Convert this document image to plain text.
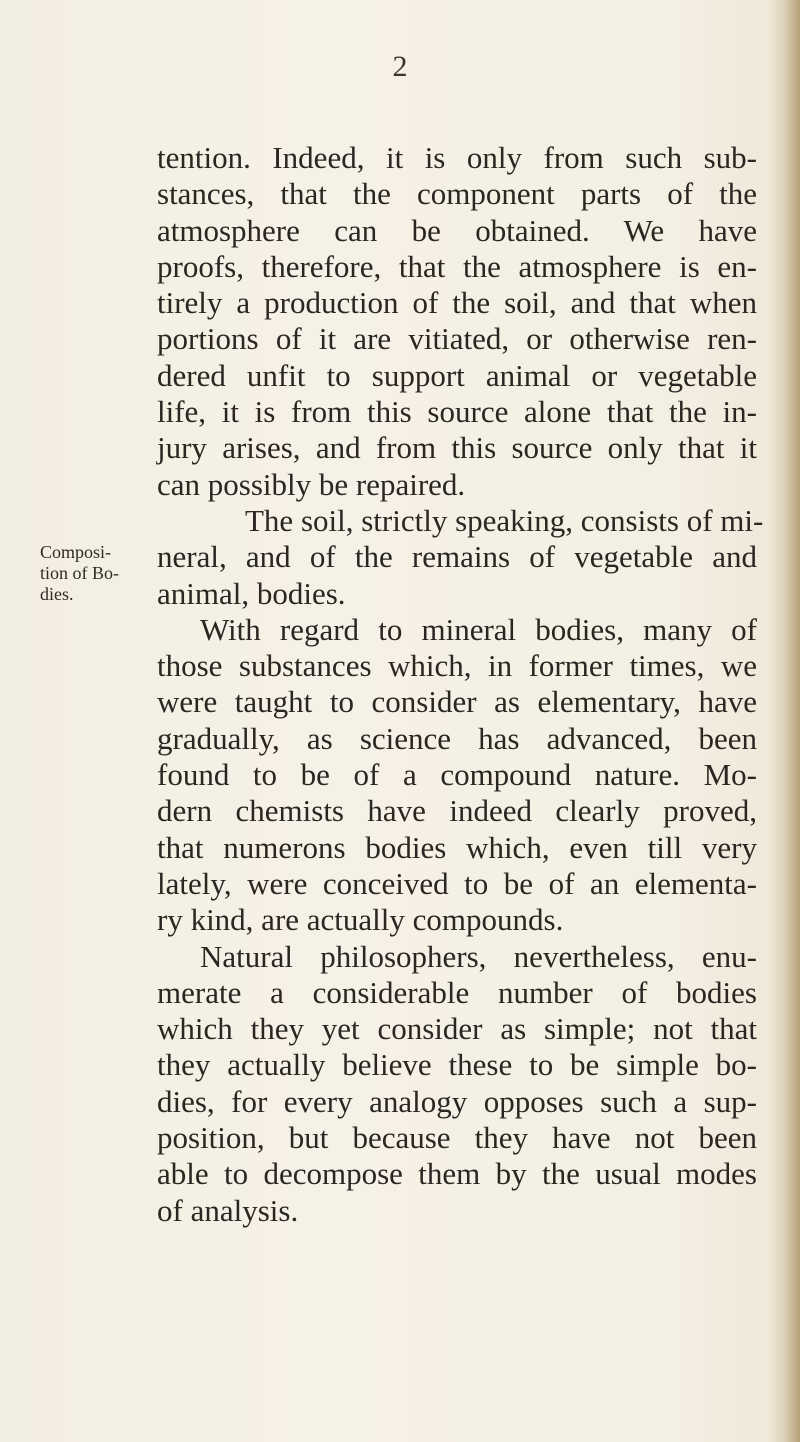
2
Composi-
tion of Bo-
dies.
tention. Indeed, it is only from such sub-
stances, that the component parts of the
atmosphere can be obtained. We have
proofs, therefore, that the atmosphere is en-
tirely a production of the soil, and that when
portions of it are vitiated, or otherwise ren-
dered unfit to support animal or vegetable
life, it is from this source alone that the in-
jury arises, and from this source only that it
can possibly be repaired.
The soil, strictly speaking, consists of mi-
neral, and of the remains of vegetable and
animal, bodies.
With regard to mineral bodies, many of
those substances which, in former times, we
were taught to consider as elementary, have
gradually, as science has advanced, been
found to be of a compound nature. Mo-
dern chemists have indeed clearly proved,
that numerons bodies which, even till very
lately, were conceived to be of an elementa-
ry kind, are actually compounds.
Natural philosophers, nevertheless, enu-
merate a considerable number of bodies
which they yet consider as simple; not that
they actually believe these to be simple bo-
dies, for every analogy opposes such a sup-
position, but because they have not been
able to decompose them by the usual modes
of analysis.
